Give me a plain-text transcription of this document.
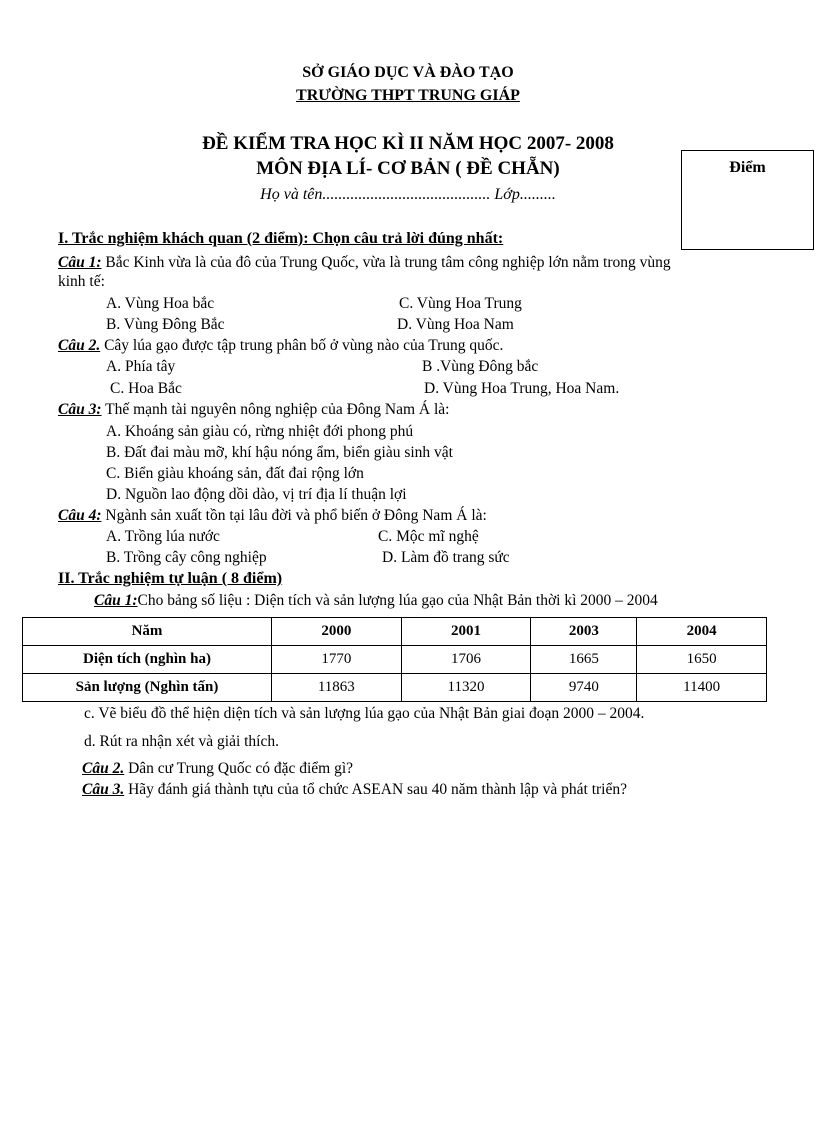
SỞ GIÁO DỤC VÀ ĐÀO TẠO
TRƯỜNG THPT TRUNG GIÁP
ĐỀ KIỂM TRA HỌC KÌ II NĂM HỌC 2007- 2008
MÔN ĐỊA LÍ- CƠ BẢN ( ĐỀ CHẴN)
Họ và tên.......................................... Lớp.........
Điểm
I. Trắc nghiệm khách quan (2 điểm): Chọn câu trả lời đúng nhất:
Câu 1: Bắc Kinh vừa là của đô của Trung Quốc, vừa là trung tâm công nghiệp lớn nằm trong vùng
kinh tế:
A. Vùng Hoa bắc	C. Vùng Hoa Trung
B. Vùng Đông Bắc	D. Vùng Hoa Nam
Câu 2. Cây lúa gạo được tập trung phân bố ở vùng nào của Trung quốc.
A. Phía tây	B .Vùng Đông bắc
C. Hoa Bắc	D. Vùng Hoa Trung, Hoa Nam.
Câu 3: Thế mạnh tài nguyên nông nghiệp của Đông Nam Á là:
A. Khoáng sản giàu có, rừng nhiệt đới phong phú
B. Đất đai màu mỡ, khí hậu nóng ẩm, biển giàu sinh vật
C. Biển giàu khoáng sản, đất đai rộng lớn
D. Nguồn lao động dồi dào, vị trí địa lí thuận lợi
Câu 4: Ngành sản xuất tồn tại lâu đời và phổ biến ở Đông Nam Á là:
A. Trồng lúa nước	C. Mộc mĩ nghệ
B. Trồng cây công nghiệp	D. Làm đồ trang sức
II. Trắc nghiệm tự luận ( 8 điểm)
Câu 1:Cho bảng số liệu : Diện tích và sản lượng lúa gạo của Nhật Bản thời kì 2000 – 2004
Năm	2000	2001	2003	2004
Diện tích (nghìn ha)	1770	1706	1665	1650
Sản lượng (Nghìn tấn)	11863	11320	9740	11400
c. Vẽ biểu đồ thể hiện diện tích và sản lượng lúa gạo của Nhật Bản giai đoạn 2000 – 2004.
d. Rút ra nhận xét và giải thích.
Câu 2. Dân cư Trung Quốc có đặc điểm gì?
Câu 3. Hãy đánh giá thành tựu của tổ chức ASEAN sau 40 năm thành lập và phát triển?
